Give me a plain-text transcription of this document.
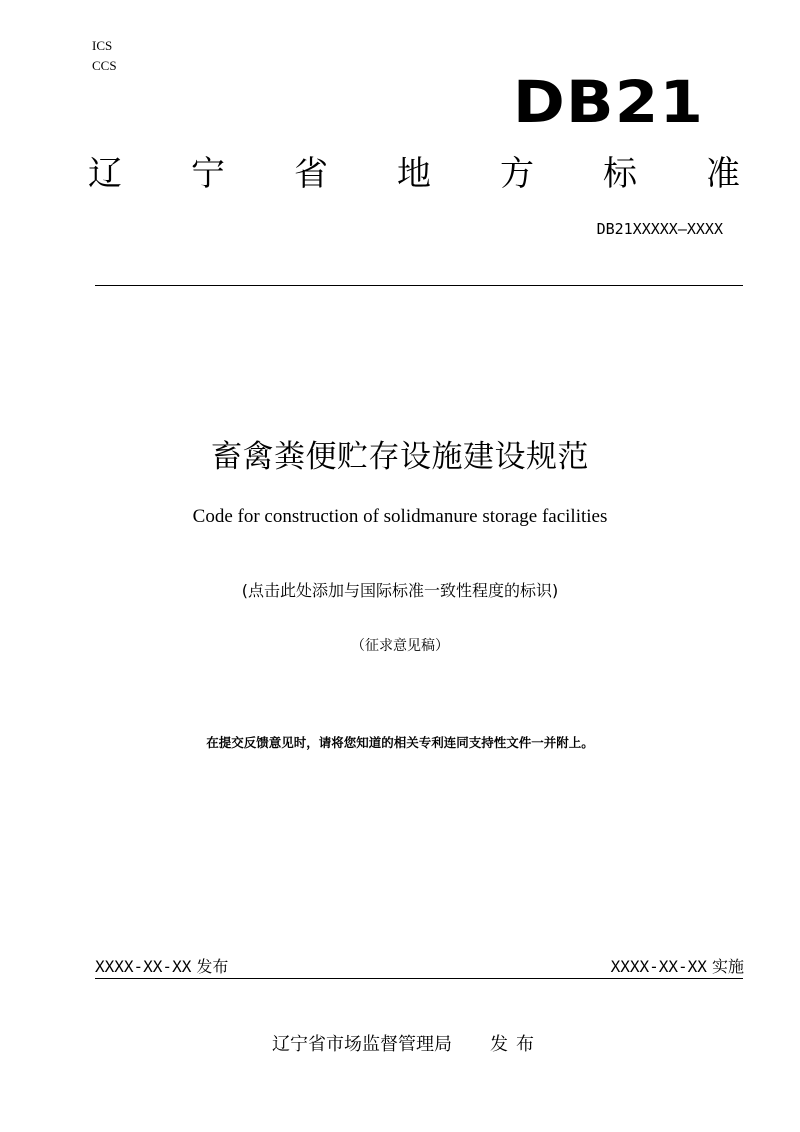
ICS
CCS
DB21
辽 宁 省 地 方 标 准
DB21XXXXX—XXXX
畜禽粪便贮存设施建设规范
Code for construction of solidmanure storage facilities
(点击此处添加与国际标准一致性程度的标识)
（征求意见稿）
在提交反馈意见时，请将您知道的相关专利连同支持性文件一并附上。
XXXX-XX-XX 发布	XXXX-XX-XX 实施
辽宁省市场监督管理局 发布
